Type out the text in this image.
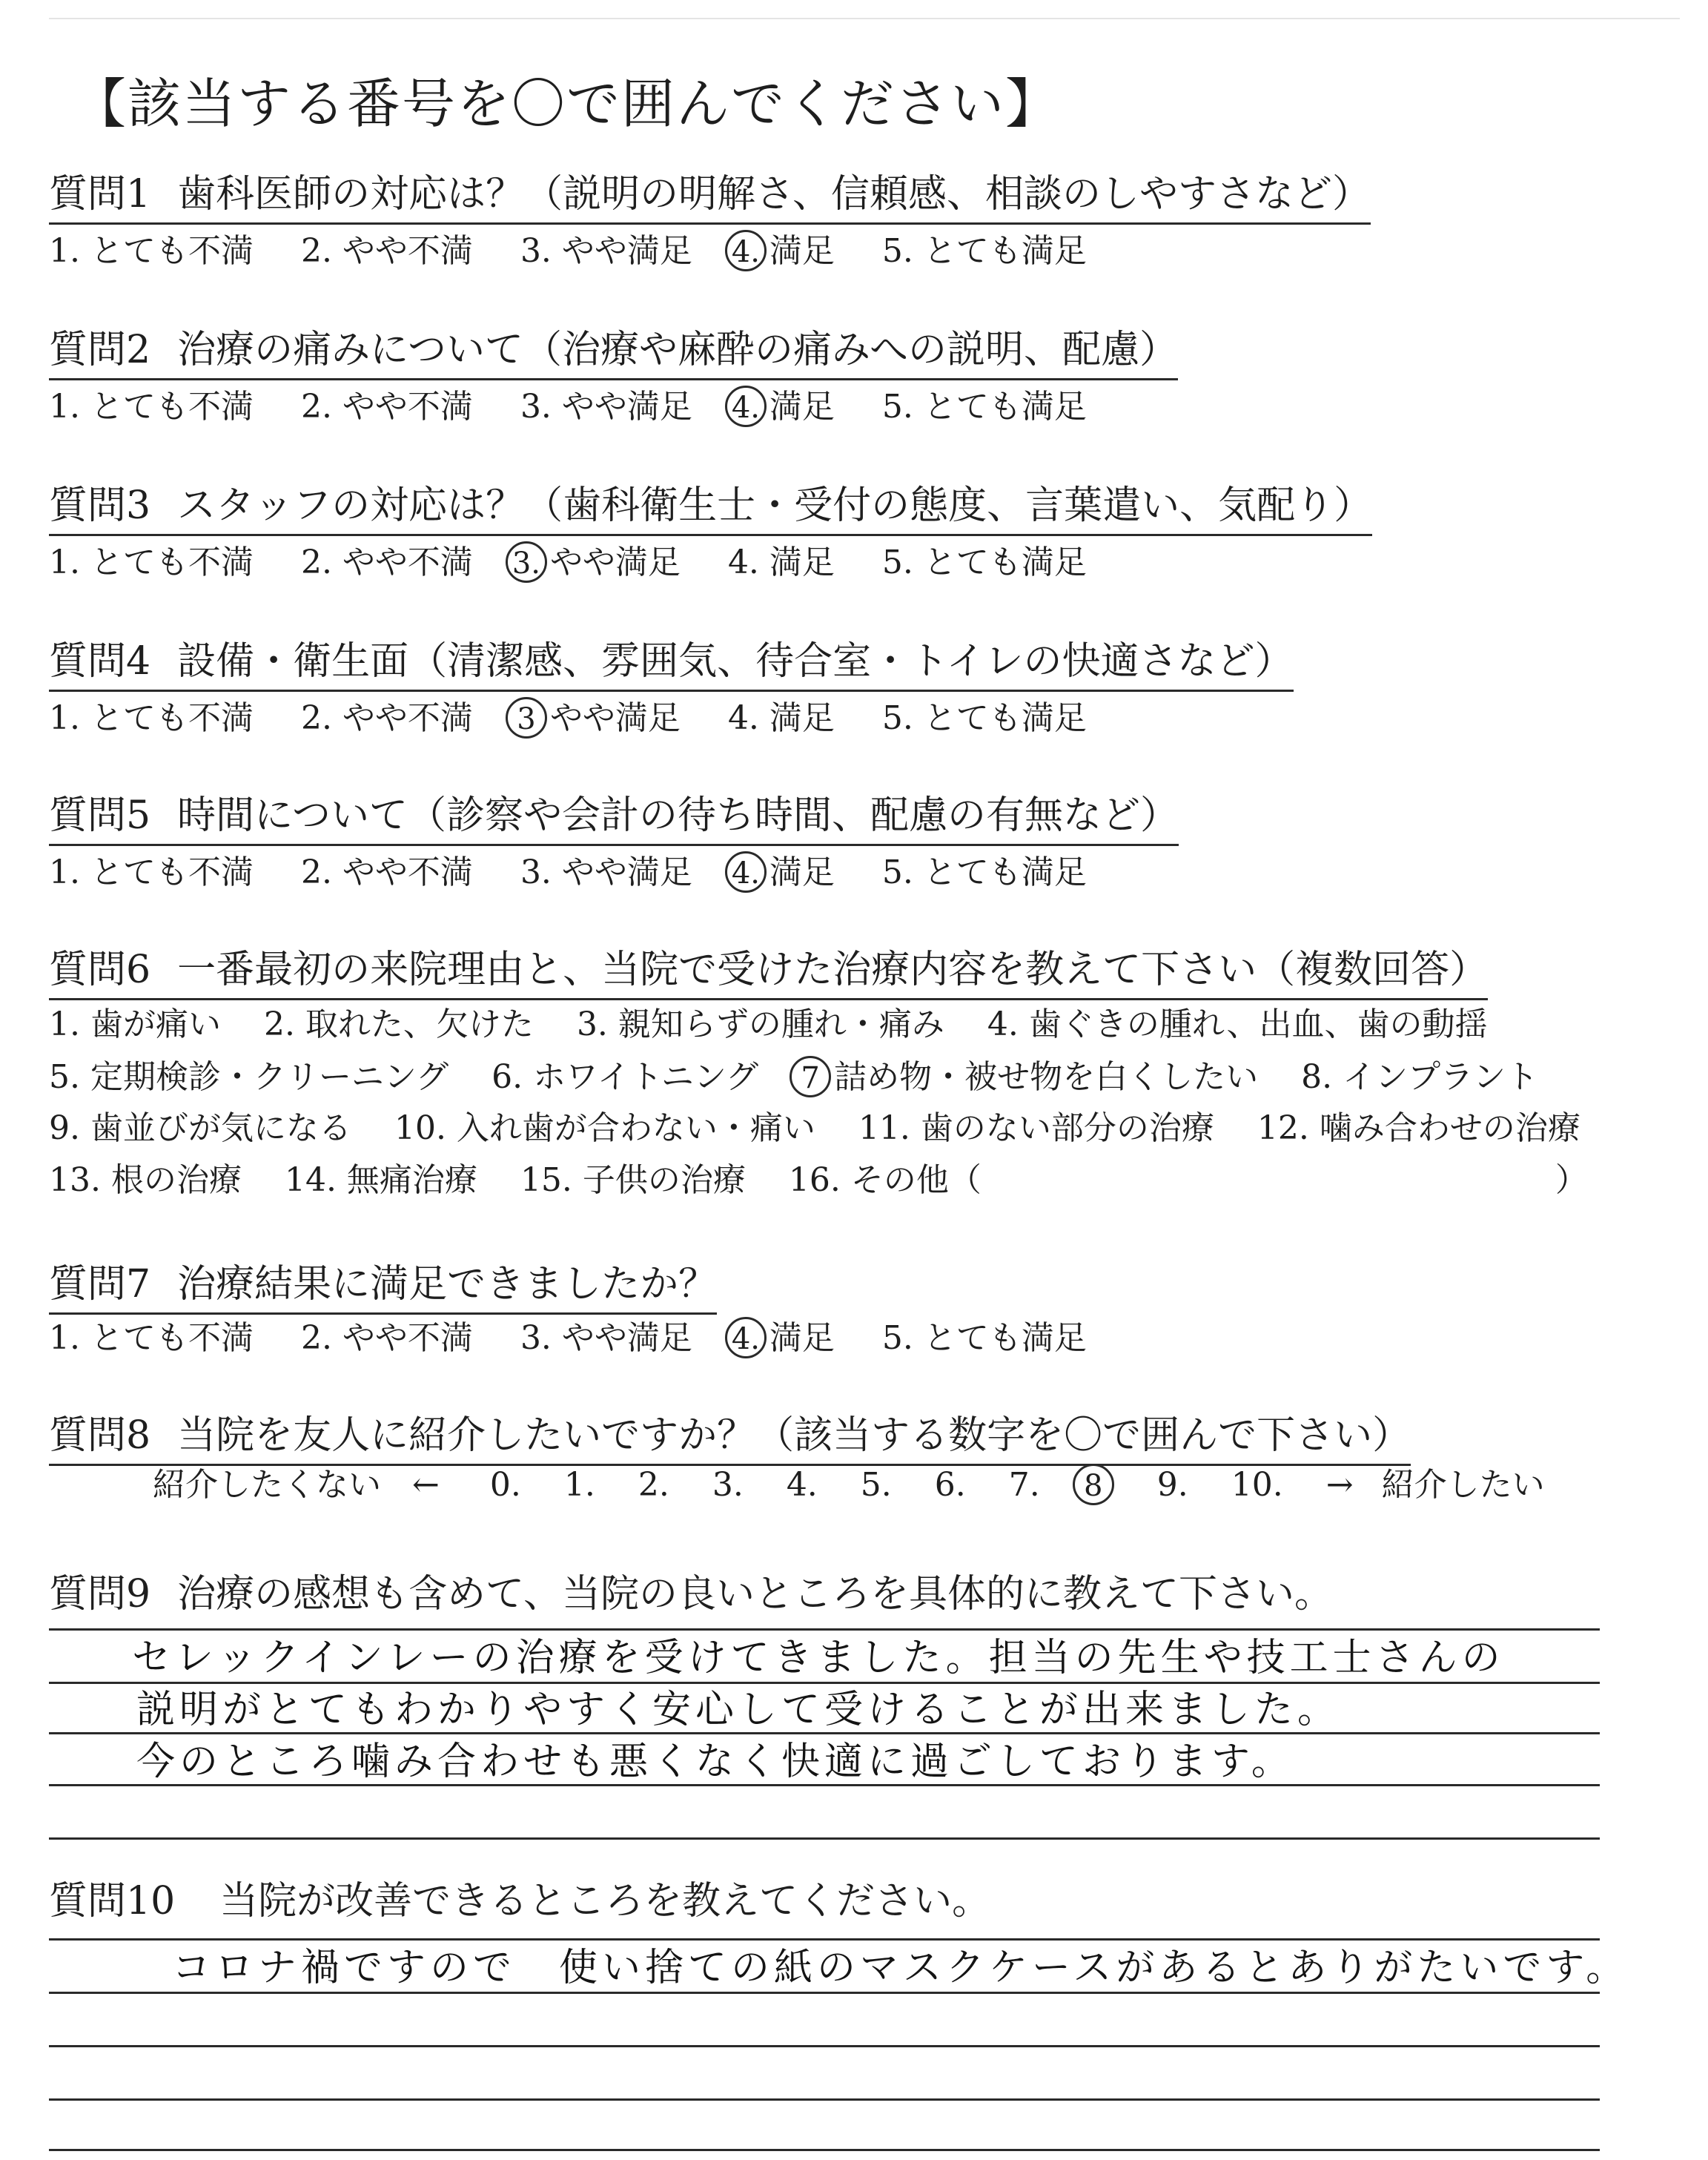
【該当する番号を〇で囲んでください】
質問1 歯科医師の対応は？（説明の明解さ、信頼感、相談のしやすさなど）
1. とても不満 2. やや不満 3. やや満足 4. 満足 5. とても満足
質問2 治療の痛みについて（治療や麻酔の痛みへの説明、配慮）
1. とても不満 2. やや不満 3. やや満足 4. 満足 5. とても満足
質問3 スタッフの対応は？（歯科衛生士・受付の態度、言葉遣い、気配り）
1. とても不満 2. やや不満 3. やや満足 4. 満足 5. とても満足
質問4 設備・衛生面（清潔感、雰囲気、待合室・トイレの快適さなど）
1. とても不満 2. やや不満 3 やや満足 4. 満足 5. とても満足
質問5 時間について（診察や会計の待ち時間、配慮の有無など）
1. とても不満 2. やや不満 3. やや満足 4. 満足 5. とても満足
質問6 一番最初の来院理由と、当院で受けた治療内容を教えて下さい（複数回答）
1. 歯が痛い 2. 取れた、欠けた 3. 親知らずの腫れ・痛み 4. 歯ぐきの腫れ、出血、歯の動揺
5. 定期検診・クリーニング 6. ホワイトニング 7 詰め物・被せ物を白くしたい 8. インプラント
9. 歯並びが気になる 10. 入れ歯が合わない・痛い 11. 歯のない部分の治療 12. 噛み合わせの治療
13. 根の治療 14. 無痛治療 15. 子供の治療 16. その他（	）
質問7 治療結果に満足できましたか？
1. とても不満 2. やや不満 3. やや満足 4. 満足 5. とても満足
質問8 当院を友人に紹介したいですか？（該当する数字を〇で囲んで下さい）
紹介したくない ← 0. 1. 2. 3. 4. 5. 6. 7. 8 9. 10. → 紹介したい
質問9 治療の感想も含めて、当院の良いところを具体的に教えて下さい。
セレックインレーの治療を受けてきました。担当の先生や技工士さんの
説明がとてもわかりやすく安心して受けることが出来ました。
今のところ噛み合わせも悪くなく快適に過ごしております。
質問10 当院が改善できるところを教えてください。
コロナ禍ですので　使い捨ての紙のマスクケースがあるとありがたいです。
